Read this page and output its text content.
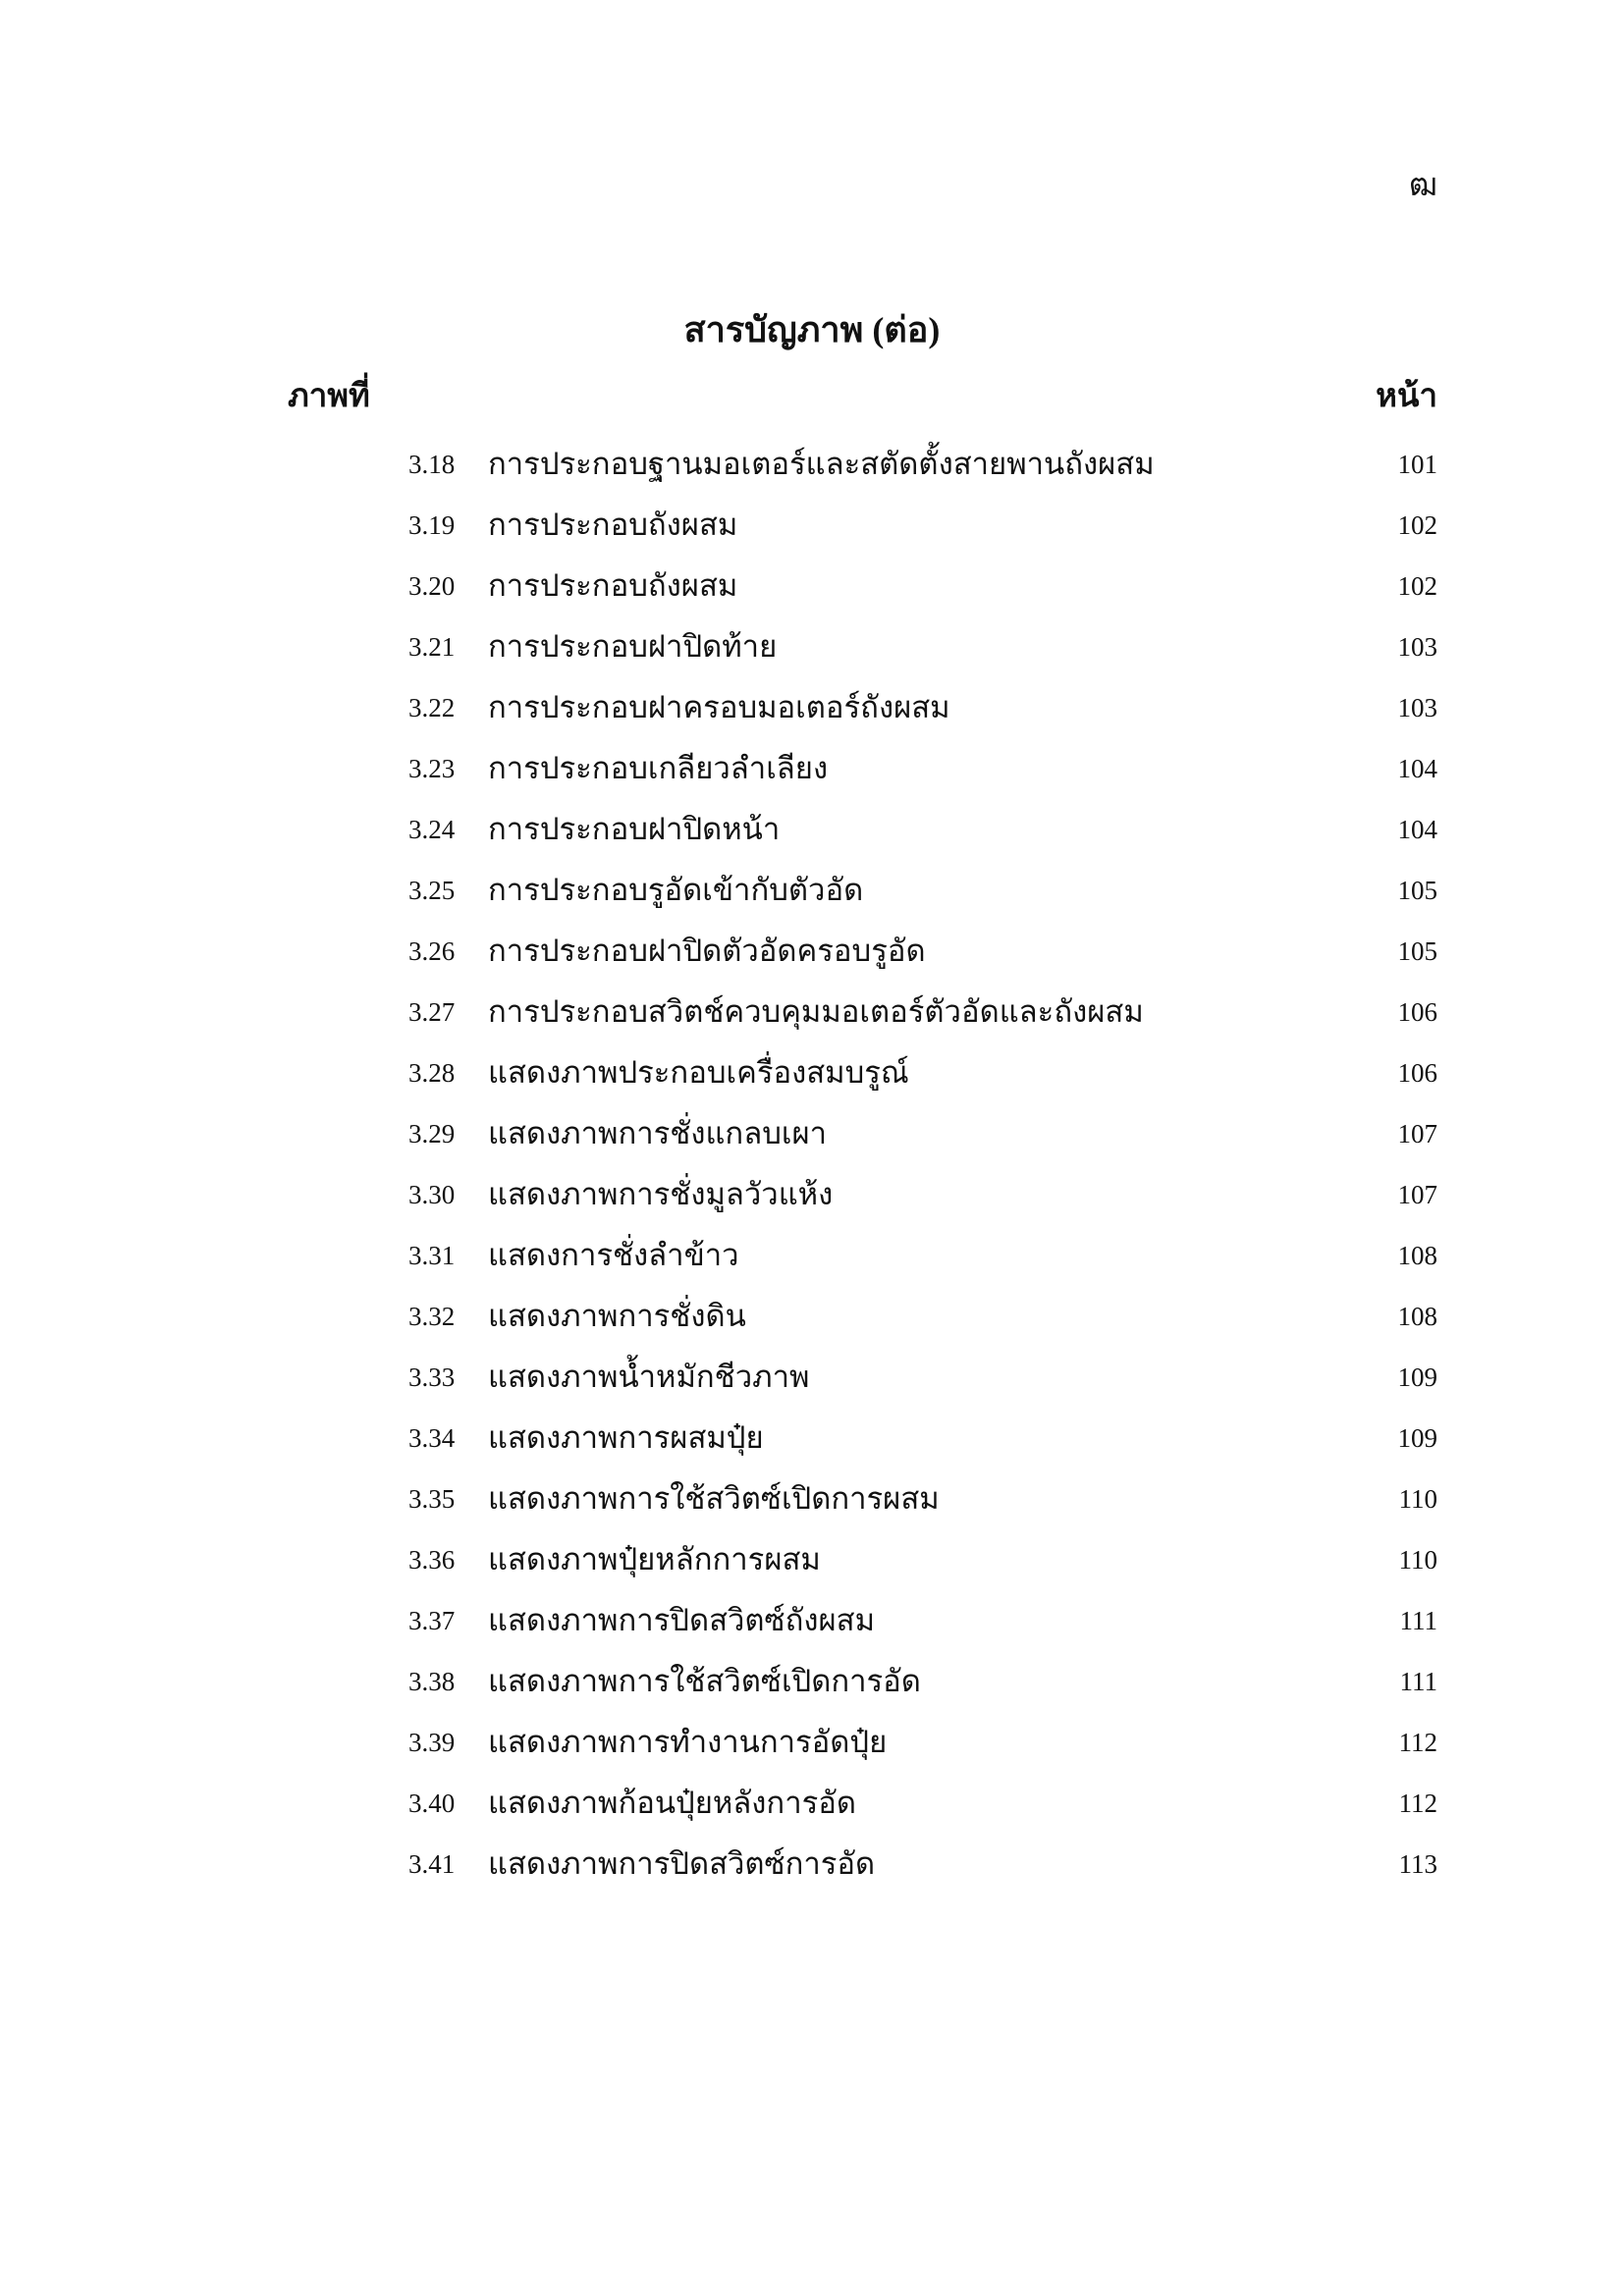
ฒ
สารบัญภาพ (ต่อ)
ภาพที่	หน้า
3.18 การประกอบฐานมอเตอร์และสตัดตั้งสายพานถังผสม	101
3.19 การประกอบถังผสม	102
3.20 การประกอบถังผสม	102
3.21 การประกอบฝาปิดท้าย	103
3.22 การประกอบฝาครอบมอเตอร์ถังผสม	103
3.23 การประกอบเกลียวลำเลียง	104
3.24 การประกอบฝาปิดหน้า	104
3.25 การประกอบรูอัดเข้ากับตัวอัด	105
3.26 การประกอบฝาปิดตัวอัดครอบรูอัด	105
3.27 การประกอบสวิตช์ควบคุมมอเตอร์ตัวอัดและถังผสม	106
3.28 แสดงภาพประกอบเครื่องสมบรูณ์	106
3.29 แสดงภาพการชั่งแกลบเผา	107
3.30 แสดงภาพการชั่งมูลวัวแห้ง	107
3.31 แสดงการชั่งลำข้าว	108
3.32 แสดงภาพการชั่งดิน	108
3.33 แสดงภาพน้ำหมักชีวภาพ	109
3.34 แสดงภาพการผสมปุ๋ย	109
3.35 แสดงภาพการใช้สวิตซ์เปิดการผสม	110
3.36 แสดงภาพปุ๋ยหลักการผสม	110
3.37 แสดงภาพการปิดสวิตซ์ถังผสม	111
3.38 แสดงภาพการใช้สวิตซ์เปิดการอัด	111
3.39 แสดงภาพการทำงานการอัดปุ๋ย	112
3.40 แสดงภาพก้อนปุ๋ยหลังการอัด	112
3.41 แสดงภาพการปิดสวิตซ์การอัด	113
